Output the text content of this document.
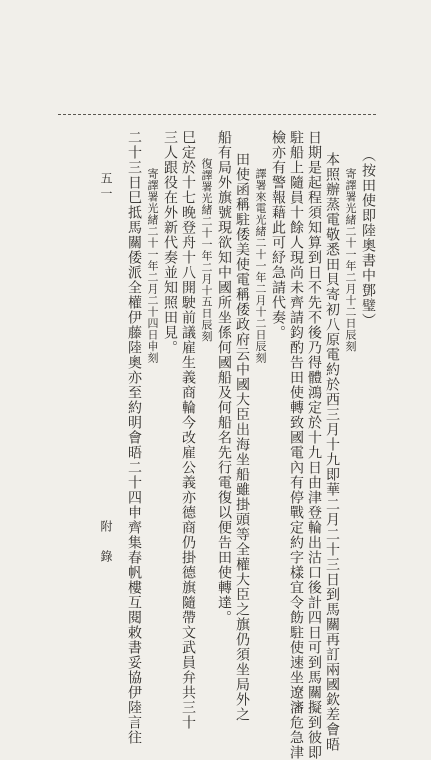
（按田使即陸奧書中鄧璧）
寄譯署光緒二十一年二月十二日辰刻
本照辦蒸電敬悉田貝寄初八原電約於西三月十九即華二月二十三日到馬關再訂兩國欽差會晤
日期是起程須知算到日不先不後乃得體鴻定於十九日由津登輪出沽口後計四日可到馬關擬到彼即
駐船上隨員十餘人現尚未齊請鈞酌告田使轉致國電內有停戰定約字樣宜令飭駐使速坐遼瀋危急津
檢亦有警報藉此可紓急請代奏。
譯署來電光緒二十一年二月十二日辰刻
田使函稱駐倭美使電稱倭政府云中國大臣出海坐船雖掛頭等全權大臣之旗仍須坐局外之
船有局外旗號現欲知中國所坐係何國船及何船名先行電復以便告田使轉達。
復譯署光緒二十一年二月十五日辰刻
巳定於十七晚登舟十八開駛前議雇生義商輪今改雇公義亦德商仍掛德旗隨帶文武員弁共三十
三人跟役在外新代奏並知照田見。
寄譯署光緒二十一年二月二十四日申刻
二十三日巳抵馬關倭派全權伊藤陸奧亦至約明會晤二十四申齊集春帆樓互閱敕書妥協伊陸言往
附　錄
五一
